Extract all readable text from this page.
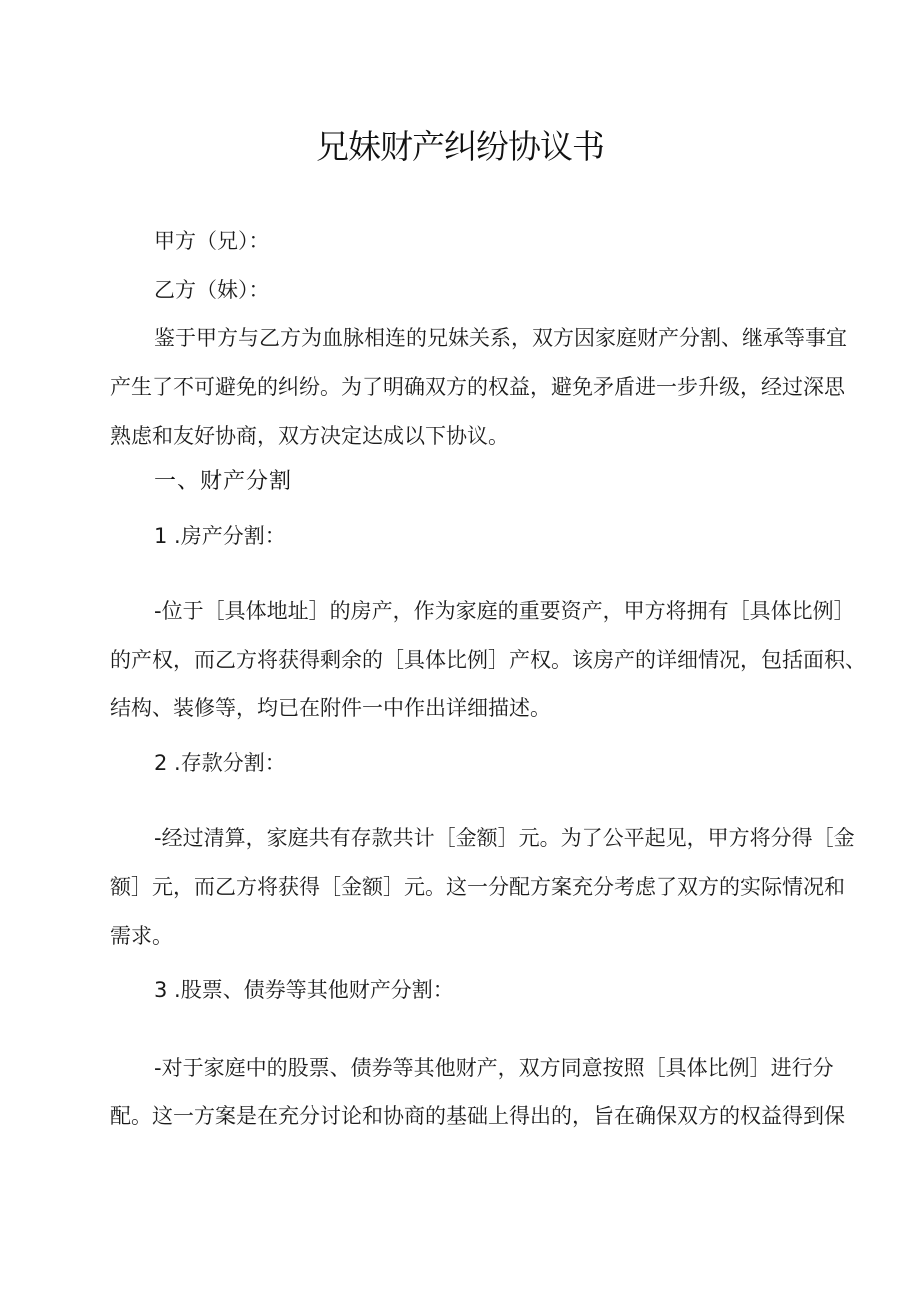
兄妹财产纠纷协议书
甲方（兄）：
乙方（妹）：
鉴于甲方与乙方为血脉相连的兄妹关系，双方因家庭财产分割、继承等事宜
产生了不可避免的纠纷。为了明确双方的权益，避免矛盾进一步升级，经过深思
熟虑和友好协商，双方决定达成以下协议。
一、财产分割
1 .房产分割：
-位于［具体地址］的房产，作为家庭的重要资产，甲方将拥有［具体比例］
的产权，而乙方将获得剩余的［具体比例］产权。该房产的详细情况，包括面积、
结构、装修等，均已在附件一中作出详细描述。
2 .存款分割：
-经过清算，家庭共有存款共计［金额］元。为了公平起见，甲方将分得［金
额］元，而乙方将获得［金额］元。这一分配方案充分考虑了双方的实际情况和
需求。
3 .股票、债券等其他财产分割：
-对于家庭中的股票、债券等其他财产，双方同意按照［具体比例］进行分
配。这一方案是在充分讨论和协商的基础上得出的，旨在确保双方的权益得到保
